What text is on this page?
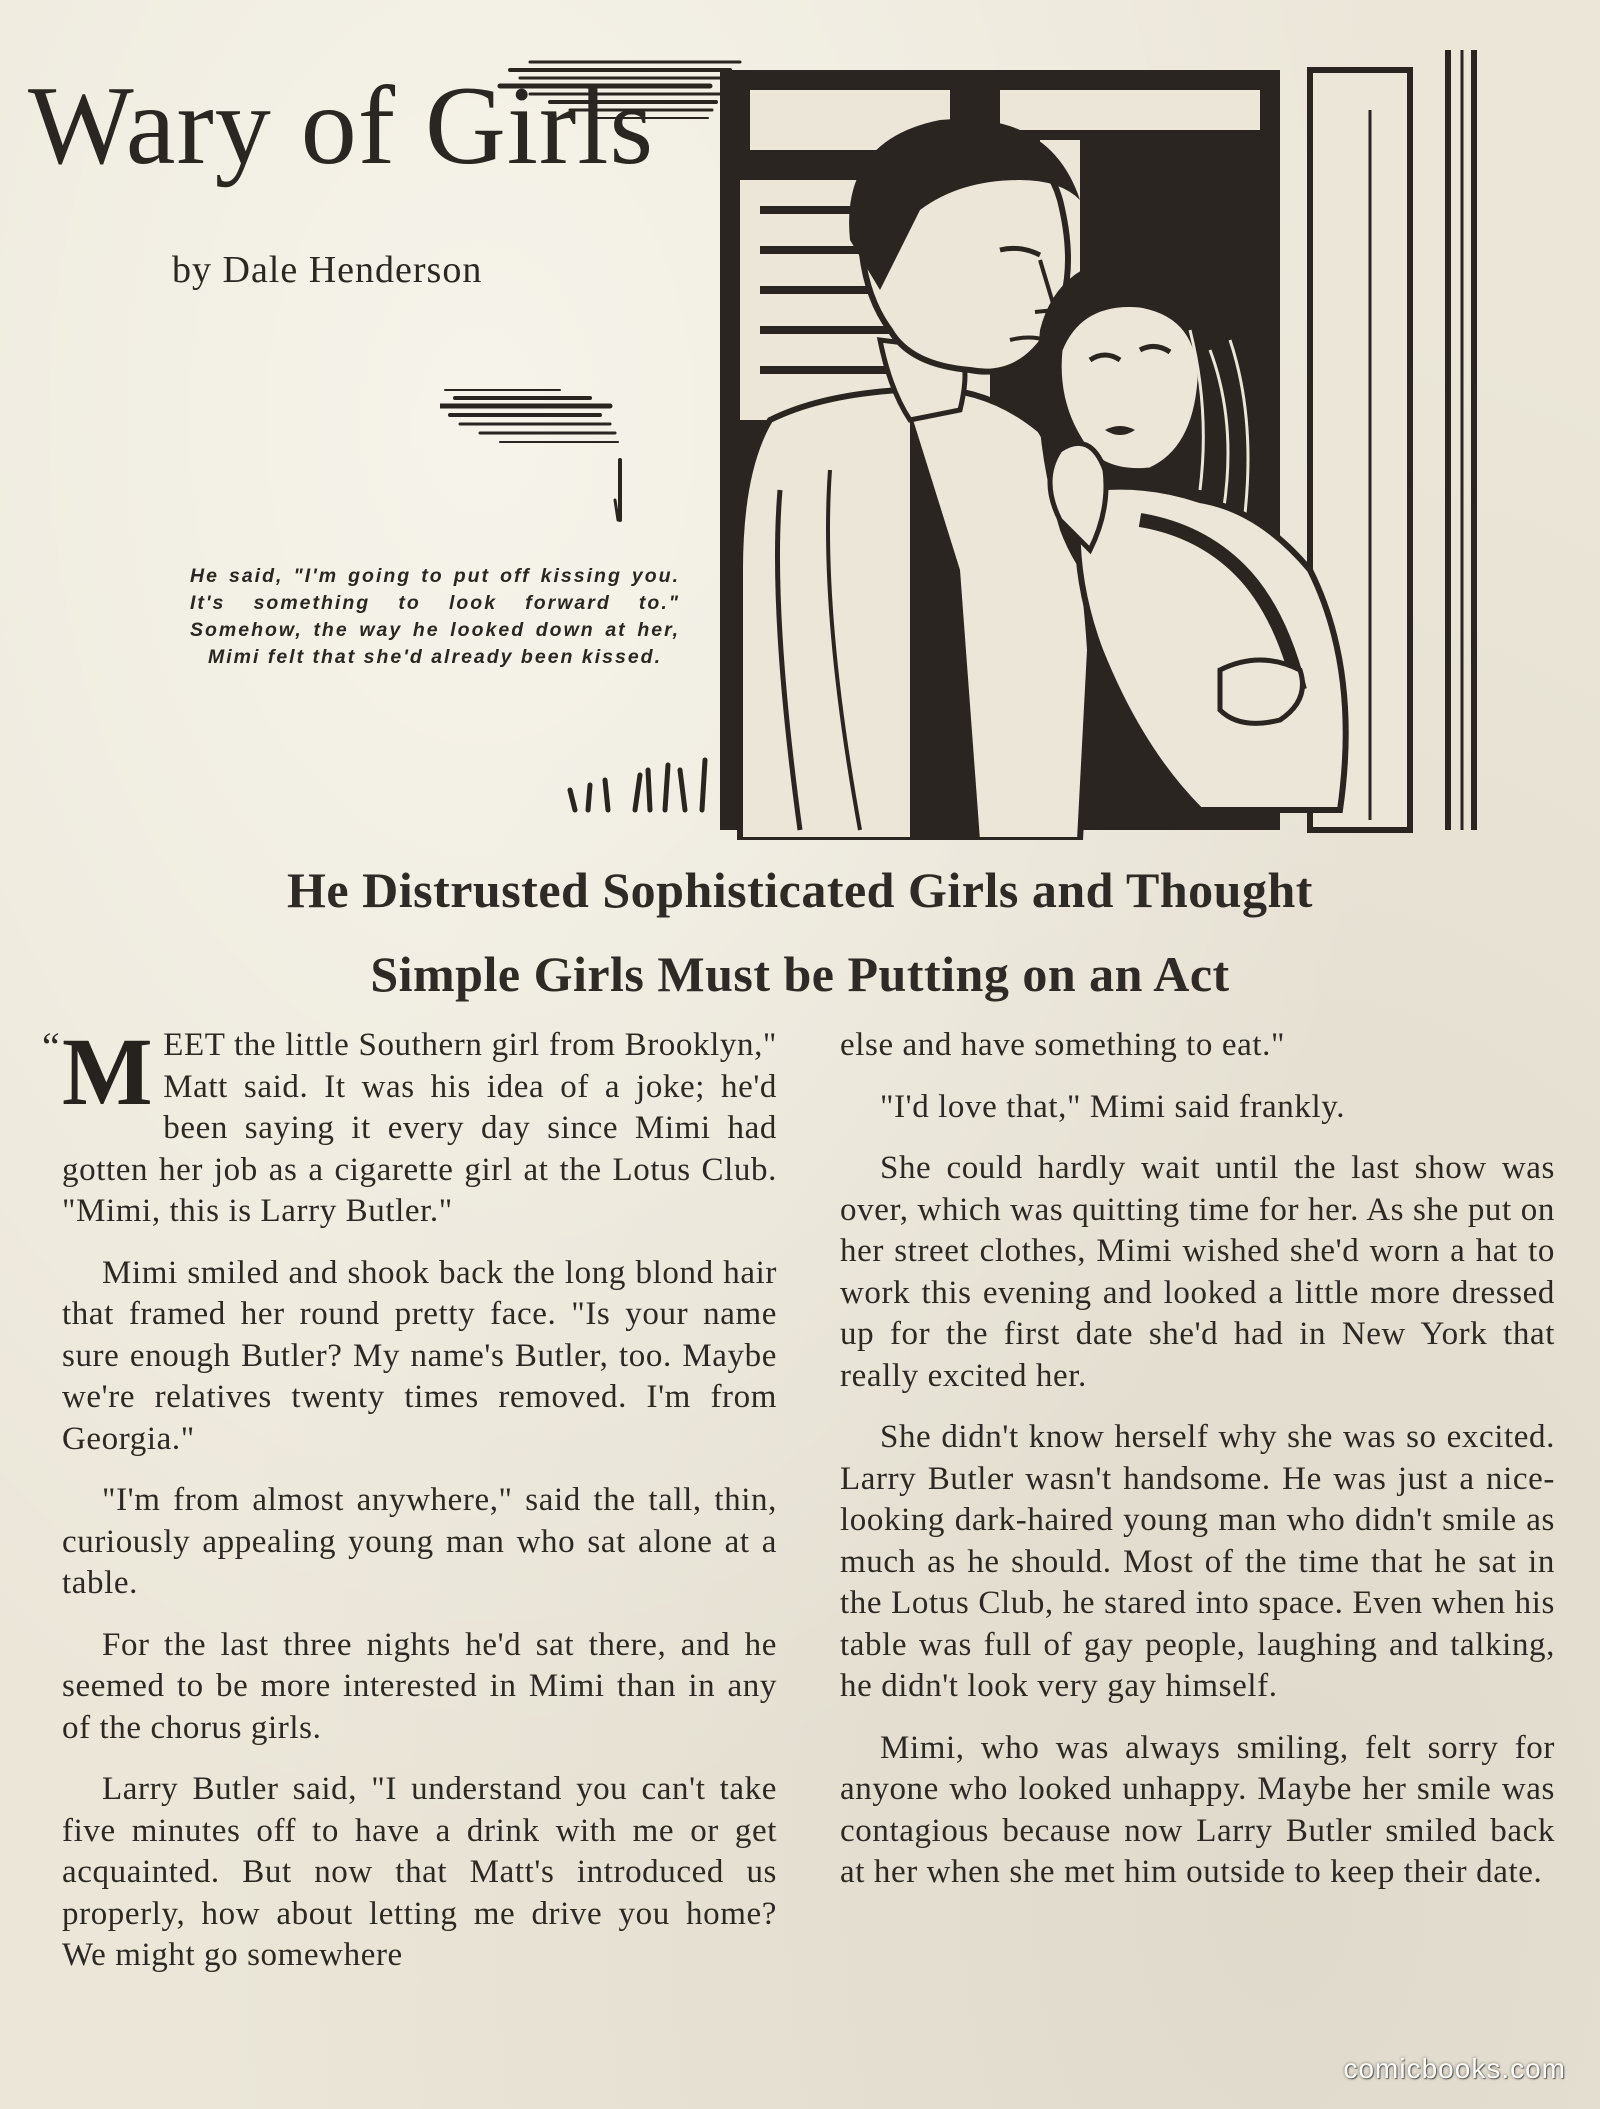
Wary of Girls
by Dale Henderson

He said, "I'm going to put off kissing you. It's something to look forward to." Somehow, the way he looked down at her, Mimi felt that she'd already been kissed.

He Distrusted Sophisticated Girls and Thought
Simple Girls Must be Putting on an Act

“ M EET the little Southern girl from Brooklyn," Matt said. It was his idea of a joke; he'd been saying it every day since Mimi had gotten her job as a cigarette girl at the Lotus Club. "Mimi, this is Larry Butler."

Mimi smiled and shook back the long blond hair that framed her round pretty face. "Is your name sure enough Butler? My name's Butler, too. Maybe we're relatives twenty times removed. I'm from Georgia."

"I'm from almost anywhere," said the tall, thin, curiously appealing young man who sat alone at a table.

For the last three nights he'd sat there, and he seemed to be more interested in Mimi than in any of the chorus girls.

Larry Butler said, "I understand you can't take five minutes off to have a drink with me or get acquainted. But now that Matt's introduced us properly, how about letting me drive you home? We might go somewhere

else and have something to eat."

"I'd love that," Mimi said frankly.

She could hardly wait until the last show was over, which was quitting time for her. As she put on her street clothes, Mimi wished she'd worn a hat to work this evening and looked a little more dressed up for the first date she'd had in New York that really excited her.

She didn't know herself why she was so excited. Larry Butler wasn't handsome. He was just a nice-looking dark-haired young man who didn't smile as much as he should. Most of the time that he sat in the Lotus Club, he stared into space. Even when his table was full of gay people, laughing and talking, he didn't look very gay himself.

Mimi, who was always smiling, felt sorry for anyone who looked unhappy. Maybe her smile was contagious because now Larry Butler smiled back at her when she met him outside to keep their date.

comicbooks.com
